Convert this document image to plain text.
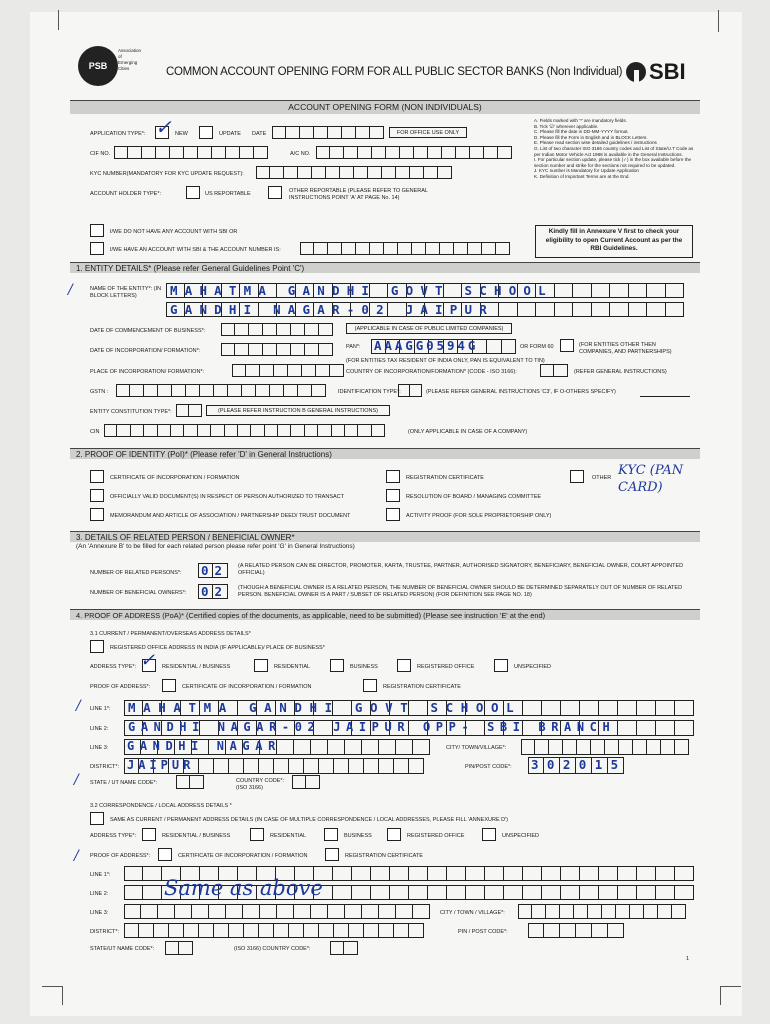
PSB
Association of Emerging Cities	COMMON ACCOUNT OPENING FORM FOR ALL PUBLIC SECTOR BANKS (Non Individual) SBI
ACCOUNT OPENING FORM (NON INDIVIDUALS)
APPLICATION TYPE*: ✓ NEW	UPDATE DATE	FOR OFFICE USE ONLY
CIF NO.	A/C NO.
KYC NUMBER(MANDATORY FOR KYC UPDATE REQUEST):
ACCOUNT HOLDER TYPE*:	US REPORTABLE	OTHER REPORTABLE (PLEASE REFER TO GENERAL INSTRUCTIONS POINT 'A' AT PAGE No. 14)
A. Fields marked with '*' are mandatory fields.
B. Tick '☑' wherever applicable.
C. Please fill the date in DD-MM-YYYY format.
D. Please fill the Form in English and in BLOCK Letters.
E. Please read section wise detailed guidelines / instructions
G. List of two character ISO 3166 country codes and List of State/U.T Code as per Indian Motor Vehicle Act 1988 is available in the General Instructions.
I. For particular section update, please tick (✓) in the box available before the section number and strike for the sections not required to be updated.
J. KYC number is Mandatory for Update Application
K. Definition of Important Terms are at the End.
I/WE DO NOT HAVE ANY ACCOUNT WITH SBI OR
I/WE HAVE AN ACCOUNT WITH SBI & THE ACCOUNT NUMBER IS:
Kindly fill in Annexure V first to check your eligibility to open Current Account as per the RBI Guidelines.
1. ENTITY DETAILS* (Please refer General Guidelines Point 'C')
NAME OF THE ENTITY*: (IN BLOCK LETTERS)	MAHATMA GANDHI GOVT SCHOOL
GANDHI NAGAR-02 JAIPUR
DATE OF COMMENCEMENT OF BUSINESS*:	(APPLICABLE IN CASE OF PUBLIC LIMITED COMPANIES)
DATE OF INCORPORATION/ FORMATION*:
PAN*: AAAGG0594G	OR FORM 60	(FOR ENTITIES OTHER THEN COMPANIES, AND PARTNERSHIPS)
(FOR ENTITIES TAX RESIDENT OF INDIA ONLY, PAN IS EQUIVALENT TO TIN)
PLACE OF INCORPORATION/ FORMATION*:	COUNTRY OF INCORPORATION/FORMATION* (CODE - ISO 3166):	(REFER GENERAL INSTRUCTIONS)
GSTN :	IDENTIFICATION TYPE*:	(PLEASE REFER GENERAL INSTRUCTIONS 'C3', IF O-OTHERS SPECIFY)
ENTITY CONSTITUTION TYPE*:	(PLEASE REFER INSTRUCTION B GENERAL INSTRUCTIONS)
CIN	(ONLY APPLICABLE IN CASE OF A COMPANY)
2. PROOF OF IDENTITY (PoI)* (Please refer 'D' in General Instructions)
CERTIFICATE OF INCORPORATION / FORMATION	REGISTRATION CERTIFICATE	OTHER KYC (PAN CARD)
OFFICIALLY VALID DOCUMENT(S) IN RESPECT OF PERSON AUTHORIZED TO TRANSACT	RESOLUTION OF BOARD / MANAGING COMMITTEE
MEMORANDUM AND ARTICLE OF ASSOCIATION / PARTNERSHIP DEED/ TRUST DOCUMENT	ACTIVITY PROOF (FOR SOLE PROPRIETORSHIP ONLY)
3. DETAILS OF RELATED PERSON / BENEFICIAL OWNER*
(An 'Annexure B' to be filled for each related person please refer point 'G' in General Instructions)
NUMBER OF RELATED PERSONS*: 02 (A RELATED PERSON CAN BE DIRECTOR, PROMOTER, KARTA, TRUSTEE, PARTNER, AUTHORISED SIGNATORY, BENEFICIARY, BENEFICIAL OWNER, COURT APPOINTED OFFICIAL)
NUMBER OF BENEFICIAL OWNERS*: 02 (THOUGH A BENEFICIAL OWNER IS A RELATED PERSON, THE NUMBER OF BENEFICIAL OWNER SHOULD BE DETERMINED SEPARATELY OUT OF NUMBER OF RELATED PERSON. BENEFICIAL OWNER IS A PART / SUBSET OF RELATED PERSON) (FOR DEFINITION SEE PAGE NO. 18)
4. PROOF OF ADDRESS (PoA)* (Certified copies of the documents, as applicable, need to be submitted) (Please see instruction 'E' at the end)
3.1 CURRENT / PERMANENT/OVERSEAS ADDRESS DETAILS*
REGISTERED OFFICE ADDRESS IN INDIA (IF APPLICABLE)/ PLACE OF BUSINESS*
ADDRESS TYPE*: ✓ RESIDENTIAL / BUSINESS	RESIDENTIAL	BUSINESS	REGISTERED OFFICE	UNSPECIFIED
PROOF OF ADDRESS*:	CERTIFICATE OF INCORPORATION / FORMATION	REGISTRATION CERTIFICATE
LINE 1*: MAHATMA GANDHI GOVT SCHOOL
LINE 2: GANDHI NAGAR-02 JAIPUR OPP- SBI BRANCH
LINE 3: GANDHI NAGAR	CITY/ TOWN/VILLAGE*:
DISTRICT*: JAIPUR	PIN/POST CODE*: 302015
STATE / UT NAME CODE*:	COUNTRY CODE*: (ISO 3166)
3.2 CORRESPONDENCE / LOCAL ADDRESS DETAILS *
SAME AS CURRENT / PERMANENT ADDRESS DETAILS (IN CASE OF MULTIPLE CORRESPONDENCE / LOCAL ADDRESSES, PLEASE FILL 'ANNEXURE D')
ADDRESS TYPE*:	RESIDENTIAL / BUSINESS	RESIDENTIAL	BUSINESS	REGISTERED OFFICE	UNSPECIFIED
PROOF OF ADDRESS*:	CERTIFICATE OF INCORPORATION / FORMATION	REGISTRATION CERTIFICATE
LINE 1*:
LINE 2:	Same as above
LINE 3:	CITY / TOWN / VILLAGE*:
DISTRICT*:	PIN / POST CODE*:
STATE/UT NAME CODE*:	(ISO 3166) COUNTRY CODE*:
1
/
/
/
/
